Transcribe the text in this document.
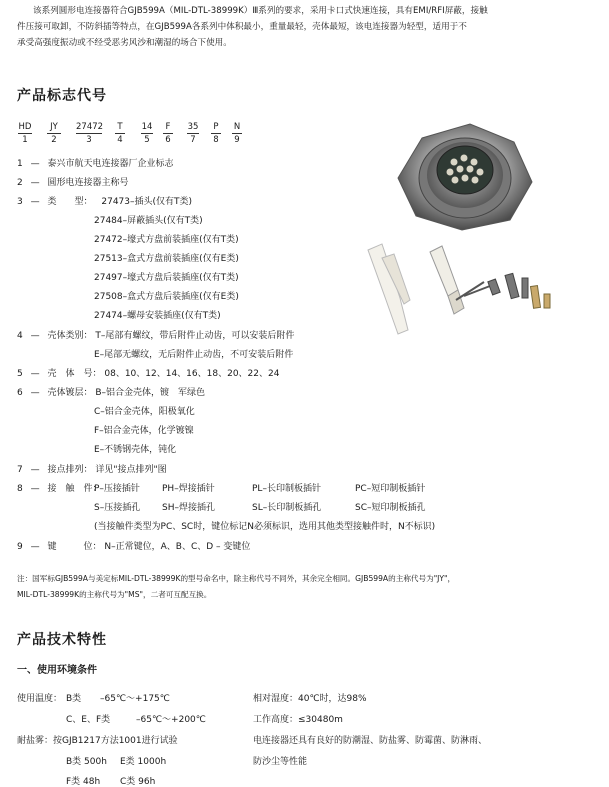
该系列圆形电连接器符合GJB599A（MIL-DTL-38999K）Ⅲ系列的要求，采用卡口式快速连接，具有EMI/RFI屏蔽，接触
件压接可取卸，不防斜插等特点，在GJB599A各系列中体积最小，重量最轻，壳体最短，该电连接器为轻型，适用于不
承受高强度振动或不经受恶劣风沙和潮湿的场合下使用。
产品标志代号
HD	JY	27472 T 14 F	35 P N
1	2	3	4	5	6	7	8 9
1 — 泰兴市航天电连接器厂企业标志
2 — 圆形电连接器主称号
3 — 类　　型： 27473–插头(仅有T类)
27484–屏蔽插头(仅有T类)
27472–壕式方盘前装插座(仅有T类)
27513–盒式方盘前装插座(仅有E类)
27497–壕式方盘后装插座(仅有T类)
27508–盒式方盘后装插座(仅有E类)
27474–螺母安装插座(仅有T类)
4 — 壳体类别： T–尾部有螺纹，带后附件止动齿，可以安装后附件
E–尾部无螺纹，无后附件止动齿，不可安装后附件
5 — 壳　体　号： 08、10、12、14、16、18、20、22、24
6 — 壳体镀层： B–铝合金壳体，镀　军绿色
C–铝合金壳体，阳极氧化
F–铝合金壳体，化学镀镍
E–不锈钢壳体，钝化
7 — 接点排列： 详见"接点排列"图
8 — 接　触　件：
P–压接插针 PH–焊接插针	PL–长印制板插针	PC–短印制板插针
S–压接插孔 SH–焊接插孔	SL–长印制板插孔	SC–短印制板插孔
(当接触件类型为PC、SC时，键位标记N必须标识，选用其他类型接触件时，N不标识)
9 — 键　　　位： N–正常键位，A、B、C、D – 变键位
注：国军标GJB599A与美定标MIL-DTL-38999K的型号命名中，除主称代号不同外，其余完全相同。GJB599A的主称代号为"JY"，
MIL-DTL-38999K的主称代号为"MS"，二者可互配互换。
产品技术特性
一、使用环境条件
使用温度： B类 –65℃～+175℃
C、E、F类	–65℃～+200℃
相对湿度：40℃时，达98%
工作高度：≤30480m
耐盐雾：按GJB1217方法1001进行试验	电连接器还具有良好的防潮湿、防盐雾、防霉菌、防淋雨、
防沙尘等性能
B类 500h E类 1000h
F类 48h C类 96h
